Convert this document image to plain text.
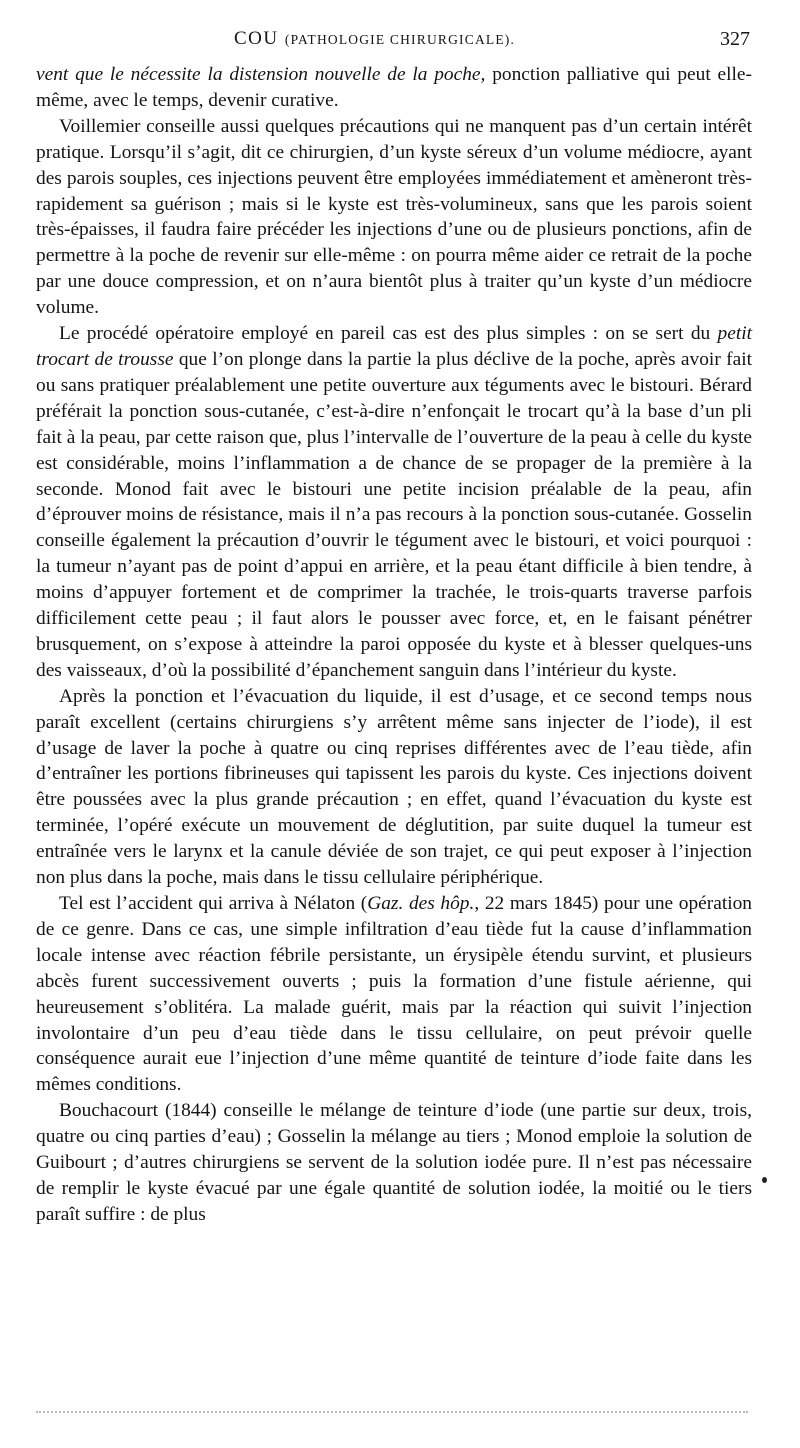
COU (PATHOLOGIE CHIRURGICALE).	327

vent que le nécessite la distension nouvelle de la poche, ponction palliative qui peut elle-même, avec le temps, devenir curative.

Voillemier conseille aussi quelques précautions qui ne manquent pas d’un certain intérêt pratique. Lorsqu’il s’agit, dit ce chirurgien, d’un kyste séreux d’un volume médiocre, ayant des parois souples, ces injections peuvent être employées immédiatement et amèneront très-rapidement sa guérison ; mais si le kyste est très-volumineux, sans que les parois soient très-épaisses, il faudra faire précéder les injections d’une ou de plusieurs ponctions, afin de permettre à la poche de revenir sur elle-même : on pourra même aider ce retrait de la poche par une douce compression, et on n’aura bientôt plus à traiter qu’un kyste d’un médiocre volume.

Le procédé opératoire employé en pareil cas est des plus simples : on se sert du petit trocart de trousse que l’on plonge dans la partie la plus déclive de la poche, après avoir fait ou sans pratiquer préalablement une petite ouverture aux téguments avec le bistouri. Bérard préférait la ponction sous-cutanée, c’est-à-dire n’enfonçait le trocart qu’à la base d’un pli fait à la peau, par cette raison que, plus l’intervalle de l’ouverture de la peau à celle du kyste est considérable, moins l’inflammation a de chance de se propager de la première à la seconde. Monod fait avec le bistouri une petite incision préalable de la peau, afin d’éprouver moins de résistance, mais il n’a pas recours à la ponction sous-cutanée. Gosselin conseille également la précaution d’ouvrir le tégument avec le bistouri, et voici pourquoi : la tumeur n’ayant pas de point d’appui en arrière, et la peau étant difficile à bien tendre, à moins d’appuyer fortement et de comprimer la trachée, le trois-quarts traverse parfois difficilement cette peau ; il faut alors le pousser avec force, et, en le faisant pénétrer brusquement, on s’expose à atteindre la paroi opposée du kyste et à blesser quelques-uns des vaisseaux, d’où la possibilité d’épanchement sanguin dans l’intérieur du kyste.

Après la ponction et l’évacuation du liquide, il est d’usage, et ce second temps nous paraît excellent (certains chirurgiens s’y arrêtent même sans injecter de l’iode), il est d’usage de laver la poche à quatre ou cinq reprises différentes avec de l’eau tiède, afin d’entraîner les portions fibrineuses qui tapissent les parois du kyste. Ces injections doivent être poussées avec la plus grande précaution ; en effet, quand l’évacuation du kyste est terminée, l’opéré exécute un mouvement de déglutition, par suite duquel la tumeur est entraînée vers le larynx et la canule déviée de son trajet, ce qui peut exposer à l’injection non plus dans la poche, mais dans le tissu cellulaire périphérique.

Tel est l’accident qui arriva à Nélaton (Gaz. des hôp., 22 mars 1845) pour une opération de ce genre. Dans ce cas, une simple infiltration d’eau tiède fut la cause d’inflammation locale intense avec réaction fébrile persistante, un érysipèle étendu survint, et plusieurs abcès furent successivement ouverts ; puis la formation d’une fistule aérienne, qui heureusement s’oblitéra. La malade guérit, mais par la réaction qui suivit l’injection involontaire d’un peu d’eau tiède dans le tissu cellulaire, on peut prévoir quelle conséquence aurait eue l’injection d’une même quantité de teinture d’iode faite dans les mêmes conditions.

Bouchacourt (1844) conseille le mélange de teinture d’iode (une partie sur deux, trois, quatre ou cinq parties d’eau) ; Gosselin la mélange au tiers ; Monod emploie la solution de Guibourt ; d’autres chirurgiens se servent de la solution iodée pure. Il n’est pas nécessaire de remplir le kyste évacué par une égale quantité de solution iodée, la moitié ou le tiers paraît suffire : de plus
